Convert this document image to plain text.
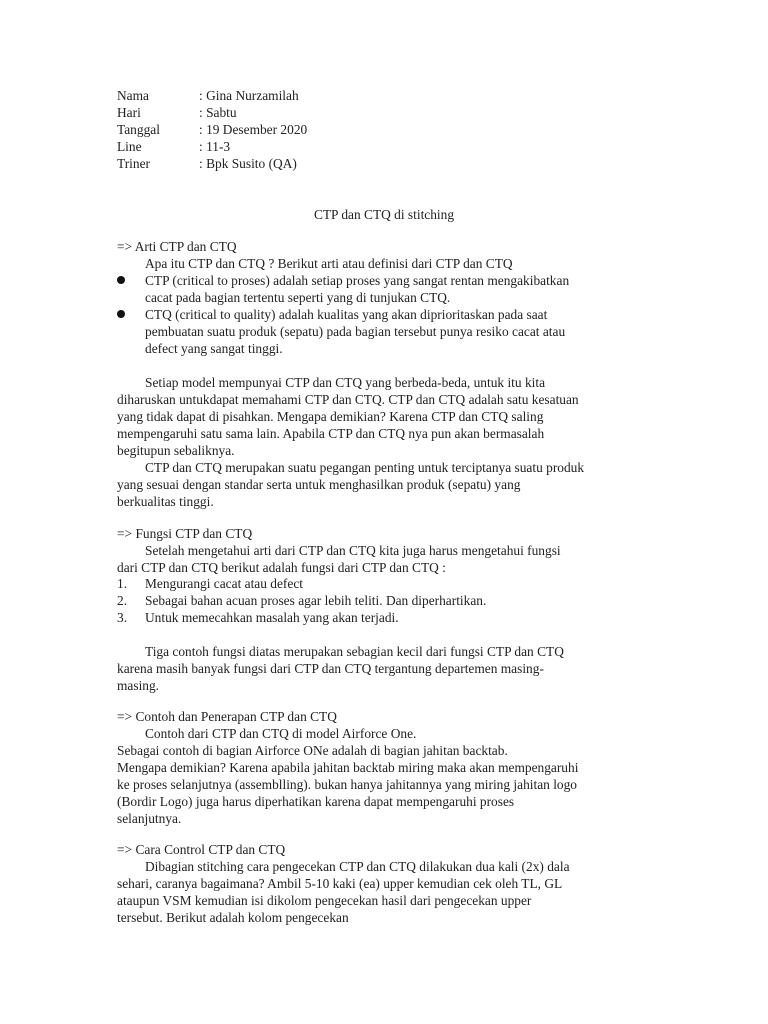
Nama	: Gina Nurzamilah
Hari	: Sabtu
Tanggal	: 19 Desember 2020
Line	: 11-3
Triner	: Bpk Susito (QA)
CTP dan CTQ di stitching
=> Arti CTP dan CTQ
Apa itu CTP dan CTQ ? Berikut arti atau definisi dari CTP dan CTQ
CTP (critical to proses) adalah setiap proses yang sangat rentan mengakibatkan
cacat pada bagian tertentu seperti yang di tunjukan CTQ.
CTQ (critical to quality) adalah kualitas yang akan diprioritaskan pada saat
pembuatan suatu produk (sepatu) pada bagian tersebut punya resiko cacat atau
defect yang sangat tinggi.
Setiap model mempunyai CTP dan CTQ yang berbeda-beda, untuk itu kita
diharuskan untukdapat memahami CTP dan CTQ. CTP dan CTQ adalah satu kesatuan
yang tidak dapat di pisahkan. Mengapa demikian? Karena CTP dan CTQ saling
mempengaruhi satu sama lain. Apabila CTP dan CTQ nya pun akan bermasalah
begitupun sebaliknya.
CTP dan CTQ merupakan suatu pegangan penting untuk terciptanya suatu produk
yang sesuai dengan standar serta untuk menghasilkan produk (sepatu) yang
berkualitas tinggi.
=> Fungsi CTP dan CTQ
Setelah mengetahui arti dari CTP dan CTQ kita juga harus mengetahui fungsi
dari CTP dan CTQ berikut adalah fungsi dari CTP dan CTQ :
1. Mengurangi cacat atau defect
2. Sebagai bahan acuan proses agar lebih teliti. Dan diperhartikan.
3. Untuk memecahkan masalah yang akan terjadi.
Tiga contoh fungsi diatas merupakan sebagian kecil dari fungsi CTP dan CTQ
karena masih banyak fungsi dari CTP dan CTQ tergantung departemen masing-
masing.
=> Contoh dan Penerapan CTP dan CTQ
Contoh dari CTP dan CTQ di model Airforce One.
Sebagai contoh di bagian Airforce ONe adalah di bagian jahitan backtab.
Mengapa demikian? Karena apabila jahitan backtab miring maka akan mempengaruhi
ke proses selanjutnya (assemblling). bukan hanya jahitannya yang miring jahitan logo
(Bordir Logo) juga harus diperhatikan karena dapat mempengaruhi proses
selanjutnya.
=> Cara Control CTP dan CTQ
Dibagian stitching cara pengecekan CTP dan CTQ dilakukan dua kali (2x) dala
sehari, caranya bagaimana? Ambil 5-10 kaki (ea) upper kemudian cek oleh TL, GL
ataupun VSM kemudian isi dikolom pengecekan hasil dari pengecekan upper
tersebut. Berikut adalah kolom pengecekan
